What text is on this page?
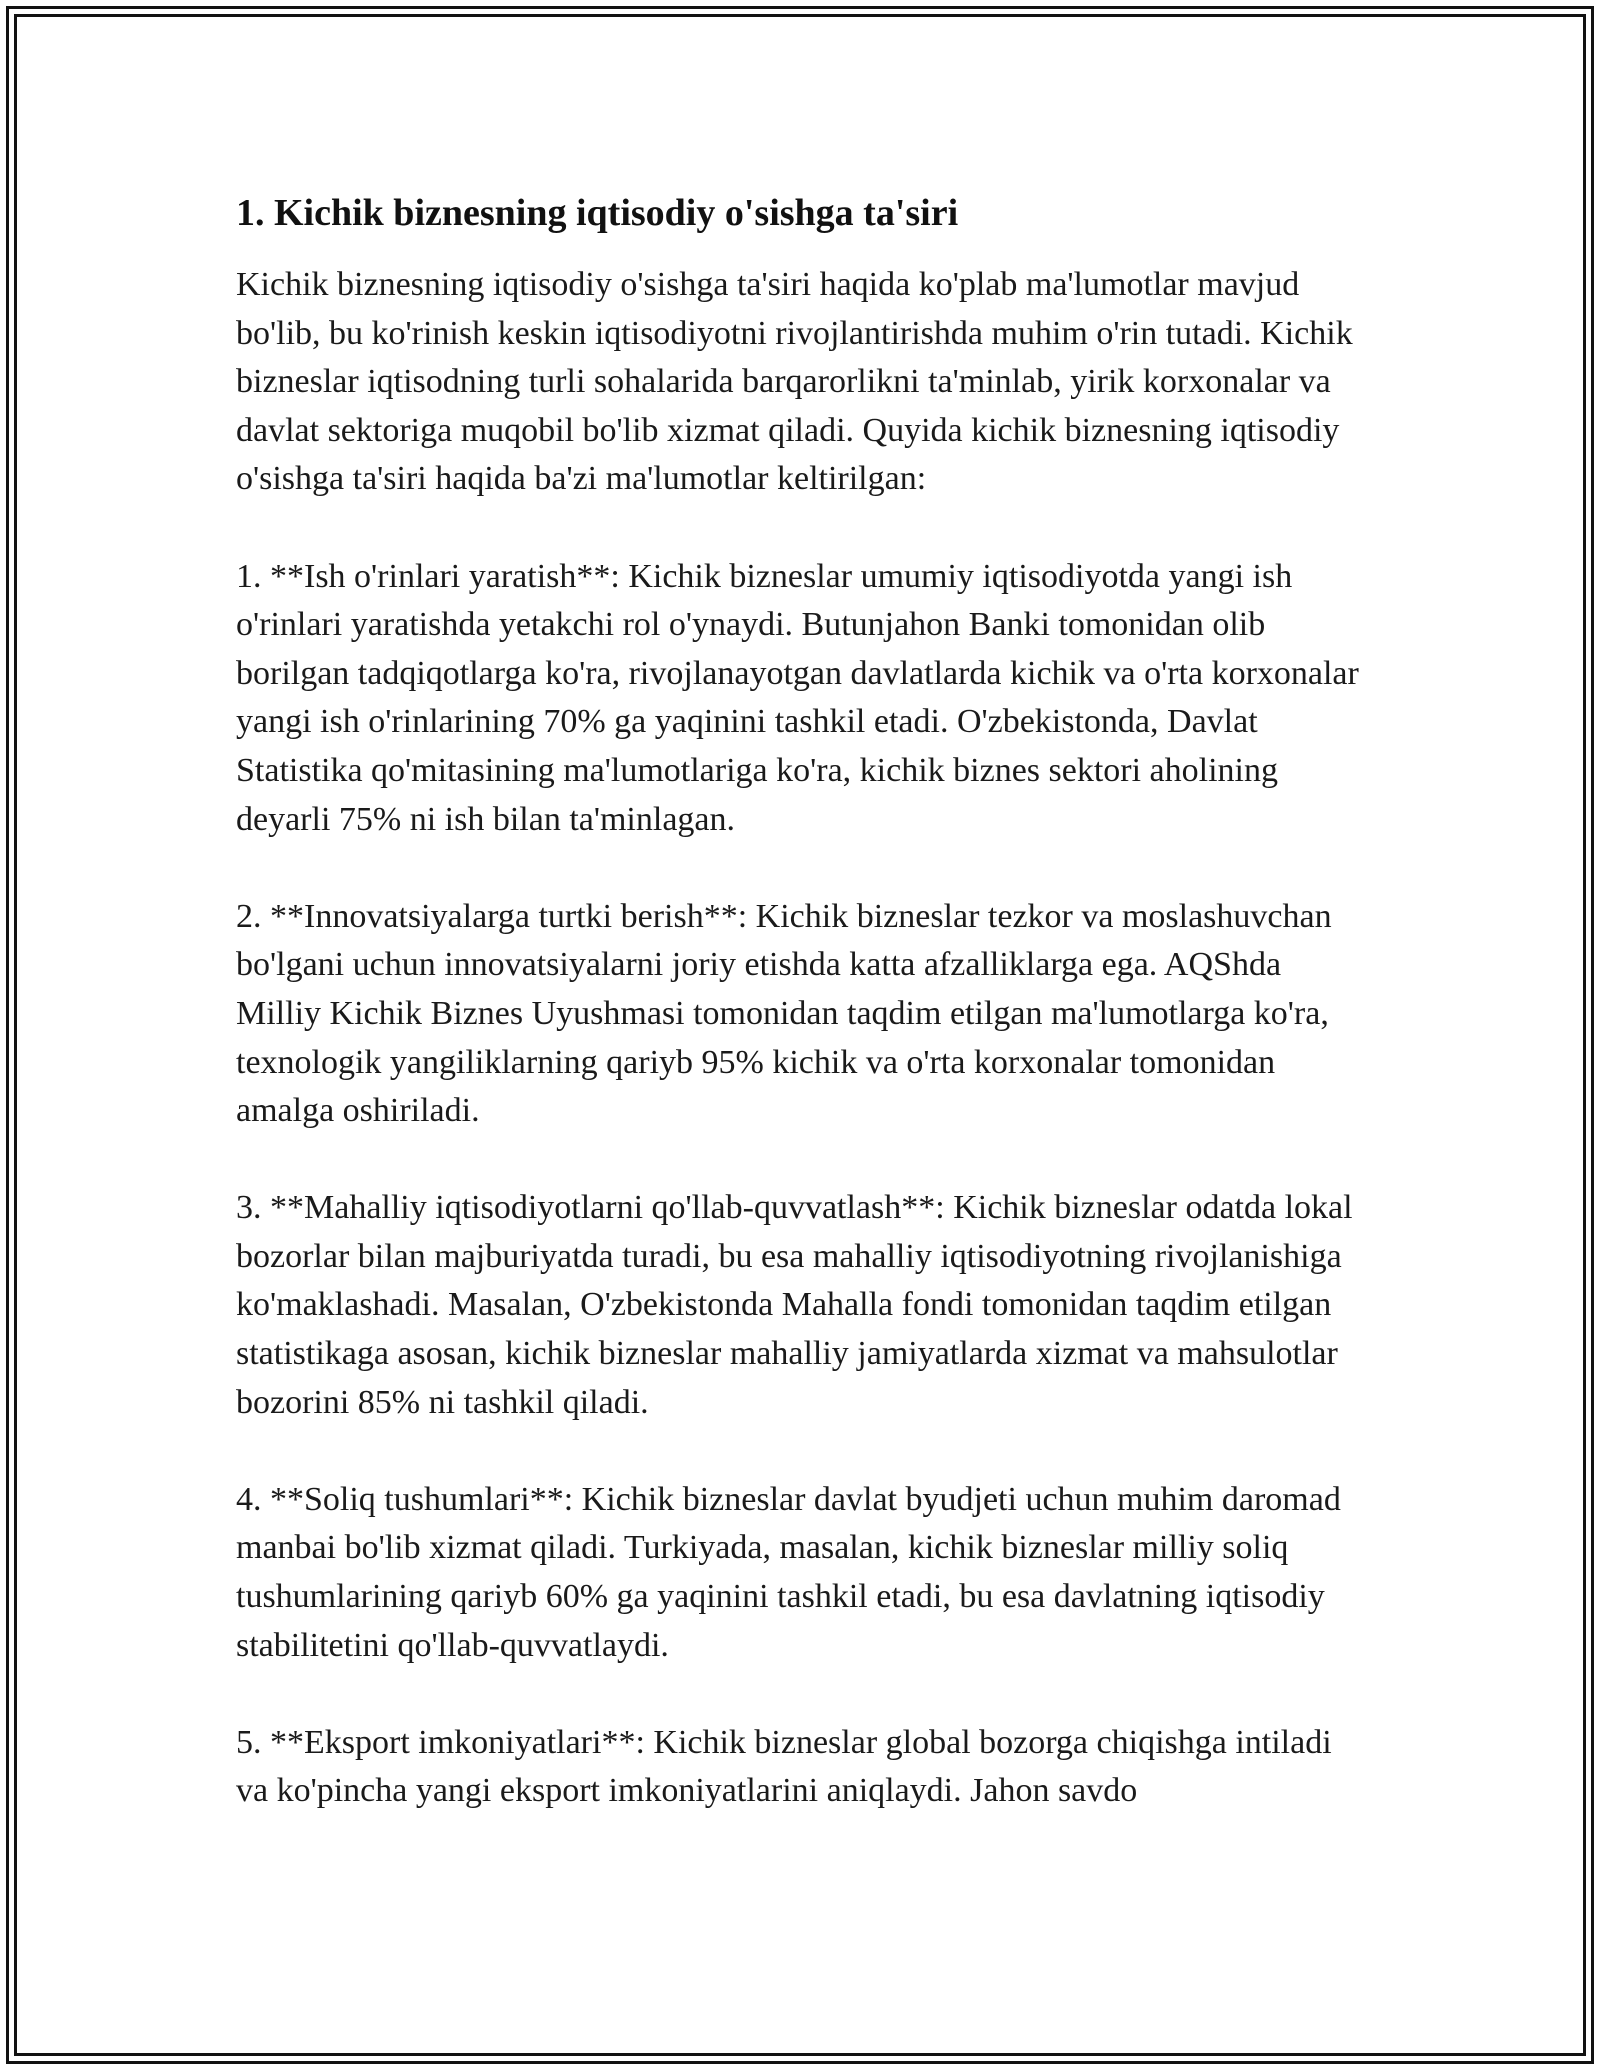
1. Kichik biznesning iqtisodiy o'sishga ta'siri

Kichik biznesning iqtisodiy o'sishga ta'siri haqida ko'plab ma'lumotlar mavjud bo'lib, bu ko'rinish keskin iqtisodiyotni rivojlantirishda muhim o'rin tutadi. Kichik bizneslar iqtisodning turli sohalarida barqarorlikni ta'minlab, yirik korxonalar va davlat sektoriga muqobil bo'lib xizmat qiladi. Quyida kichik biznesning iqtisodiy o'sishga ta'siri haqida ba'zi ma'lumotlar keltirilgan:

1. **Ish o'rinlari yaratish**: Kichik bizneslar umumiy iqtisodiyotda yangi ish o'rinlari yaratishda yetakchi rol o'ynaydi. Butunjahon Banki tomonidan olib borilgan tadqiqotlarga ko'ra, rivojlanayotgan davlatlarda kichik va o'rta korxonalar yangi ish o'rinlarining 70% ga yaqinini tashkil etadi. O'zbekistonda, Davlat Statistika qo'mitasining ma'lumotlariga ko'ra, kichik biznes sektori aholining deyarli 75% ni ish bilan ta'minlagan.

2. **Innovatsiyalarga turtki berish**: Kichik bizneslar tezkor va moslashuvchan bo'lgani uchun innovatsiyalarni joriy etishda katta afzalliklarga ega. AQShda Milliy Kichik Biznes Uyushmasi tomonidan taqdim etilgan ma'lumotlarga ko'ra, texnologik yangiliklarning qariyb 95% kichik va o'rta korxonalar tomonidan amalga oshiriladi.

3. **Mahalliy iqtisodiyotlarni qo'llab-quvvatlash**: Kichik bizneslar odatda lokal bozorlar bilan majburiyatda turadi, bu esa mahalliy iqtisodiyotning rivojlanishiga ko'maklashadi. Masalan, O'zbekistonda Mahalla fondi tomonidan taqdim etilgan statistikaga asosan, kichik bizneslar mahalliy jamiyatlarda xizmat va mahsulotlar bozorini 85% ni tashkil qiladi.

4. **Soliq tushumlari**: Kichik bizneslar davlat byudjeti uchun muhim daromad manbai bo'lib xizmat qiladi. Turkiyada, masalan, kichik bizneslar milliy soliq tushumlarining qariyb 60% ga yaqinini tashkil etadi, bu esa davlatning iqtisodiy stabilitetini qo'llab-quvvatlaydi.

5. **Eksport imkoniyatlari**: Kichik bizneslar global bozorga chiqishga intiladi va ko'pincha yangi eksport imkoniyatlarini aniqlaydi. Jahon savdo
